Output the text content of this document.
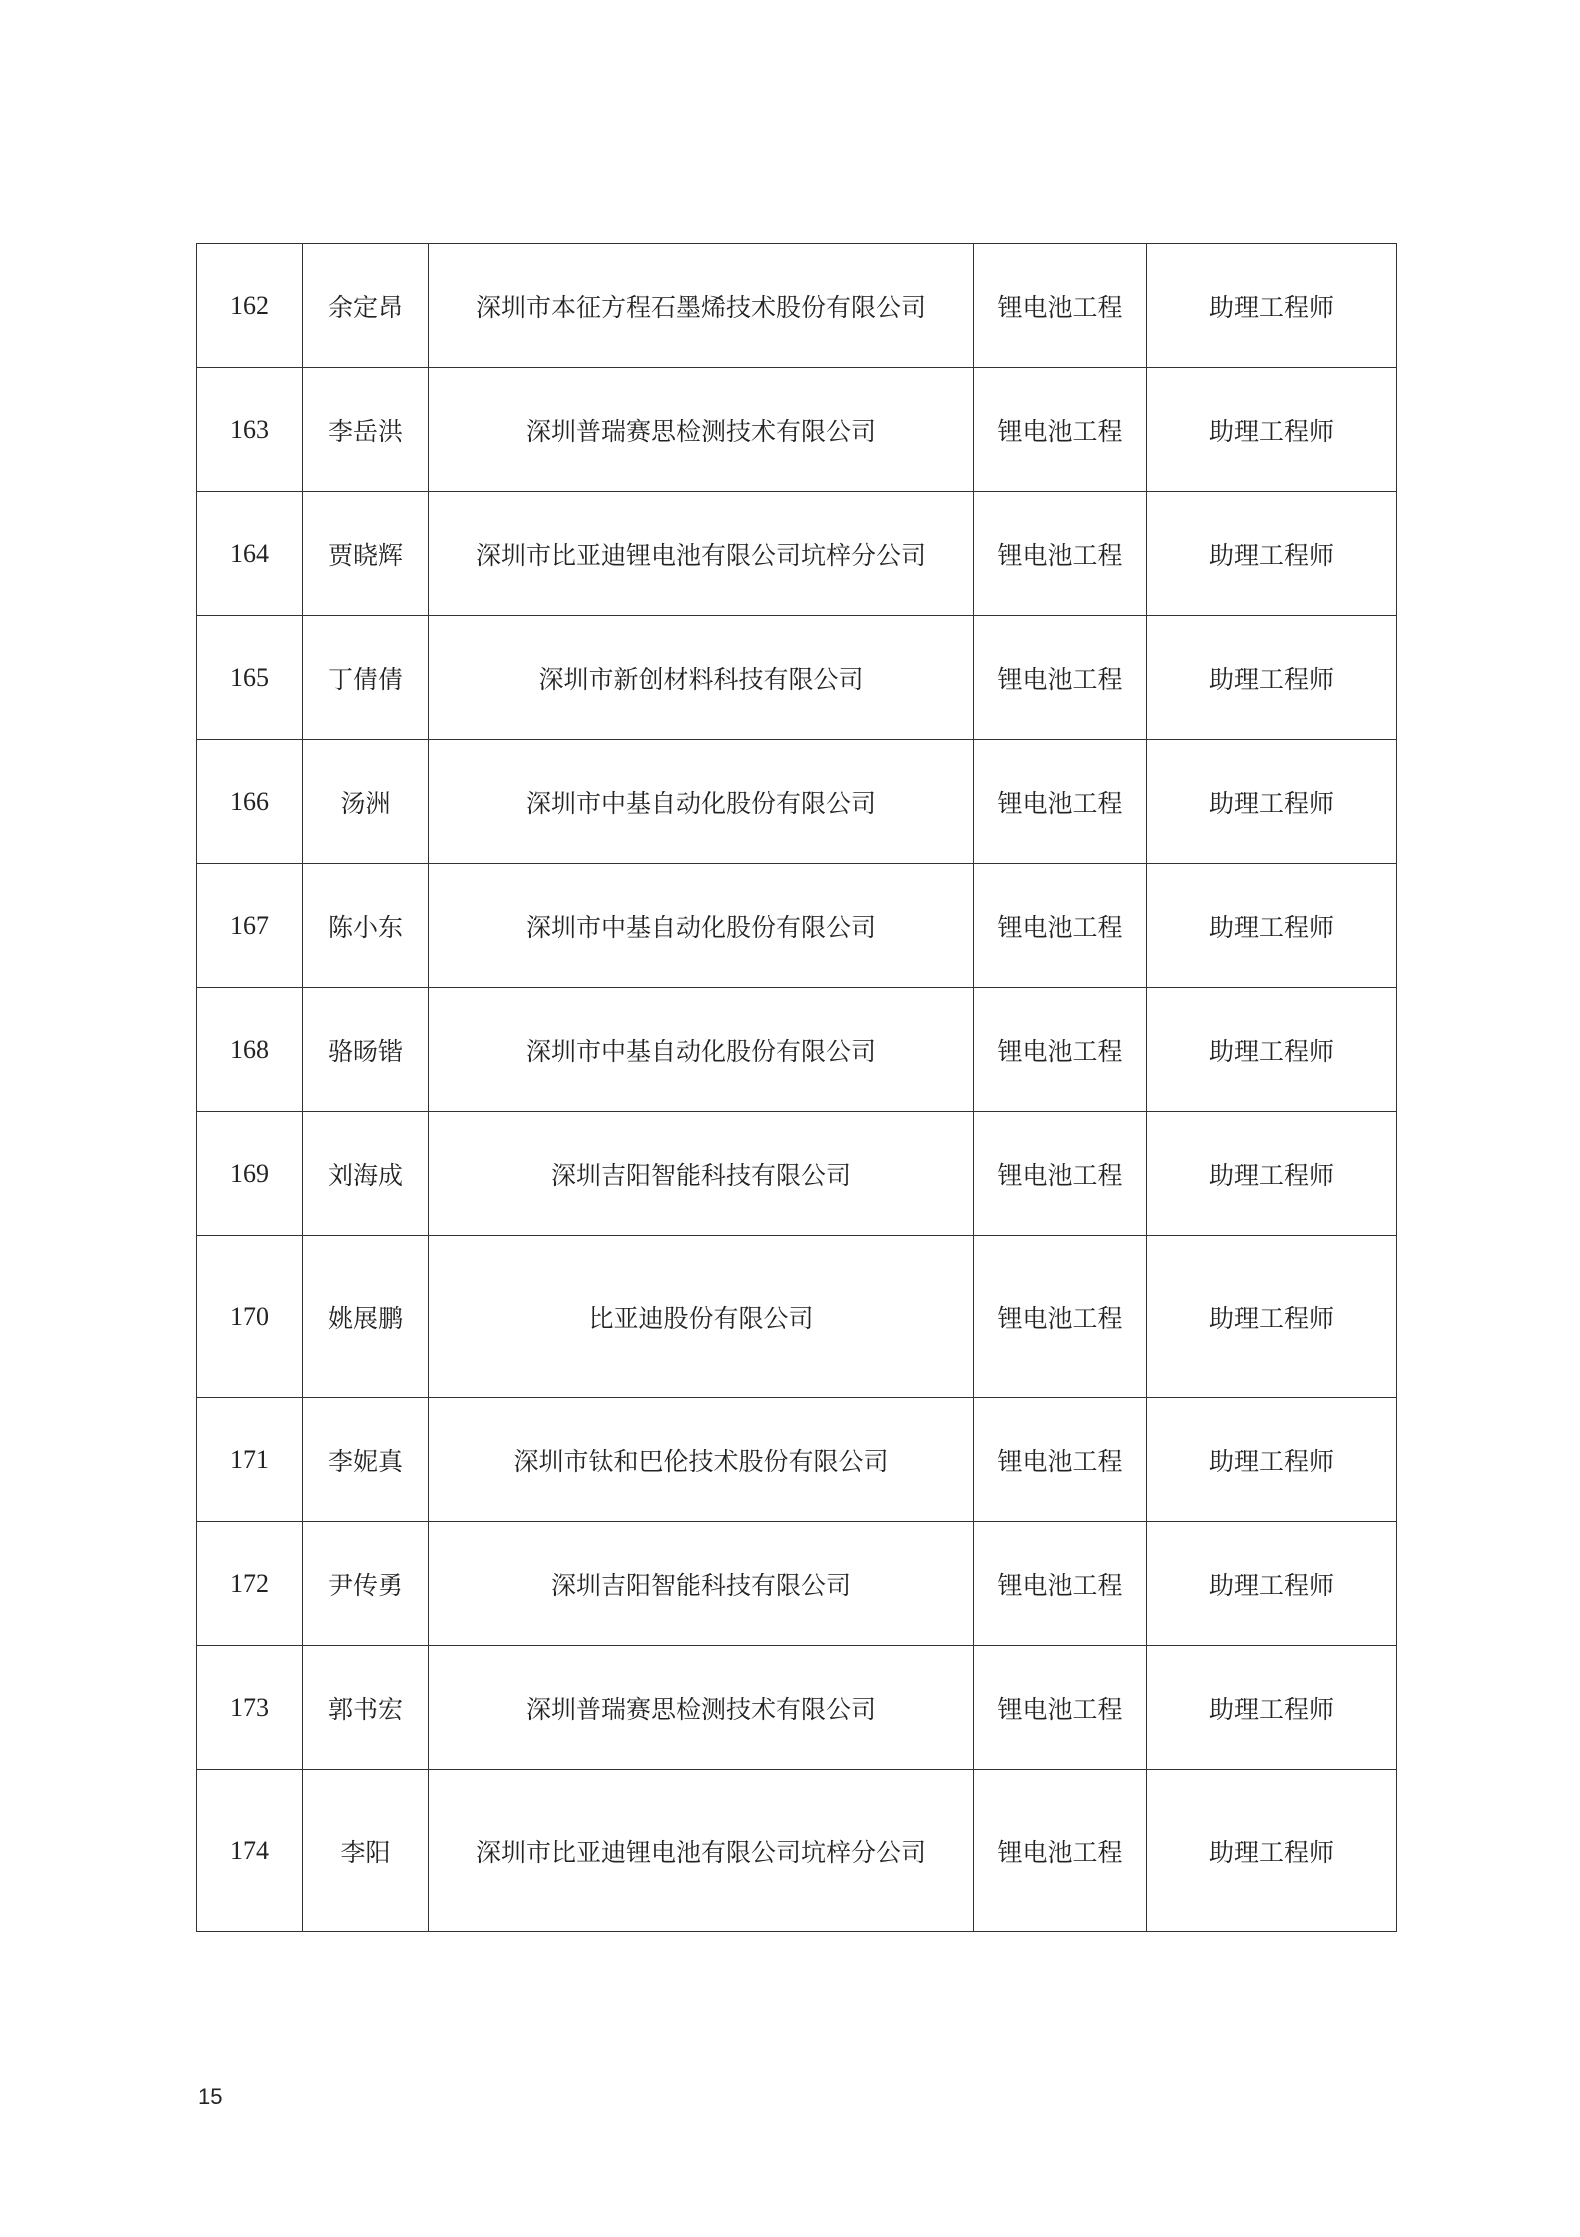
162	余定昂	深圳市本征方程石墨烯技术股份有限公司	锂电池工程	助理工程师
163	李岳洪	深圳普瑞赛思检测技术有限公司	锂电池工程	助理工程师
164	贾晓辉	深圳市比亚迪锂电池有限公司坑梓分公司	锂电池工程	助理工程师
165	丁倩倩	深圳市新创材料科技有限公司	锂电池工程	助理工程师
166	汤洲	深圳市中基自动化股份有限公司	锂电池工程	助理工程师
167	陈小东	深圳市中基自动化股份有限公司	锂电池工程	助理工程师
168	骆旸锴	深圳市中基自动化股份有限公司	锂电池工程	助理工程师
169	刘海成	深圳吉阳智能科技有限公司	锂电池工程	助理工程师
170	姚展鹏	比亚迪股份有限公司	锂电池工程	助理工程师
171	李妮真	深圳市钛和巴伦技术股份有限公司	锂电池工程	助理工程师
172	尹传勇	深圳吉阳智能科技有限公司	锂电池工程	助理工程师
173	郭书宏	深圳普瑞赛思检测技术有限公司	锂电池工程	助理工程师
174	李阳	深圳市比亚迪锂电池有限公司坑梓分公司	锂电池工程	助理工程师
15
